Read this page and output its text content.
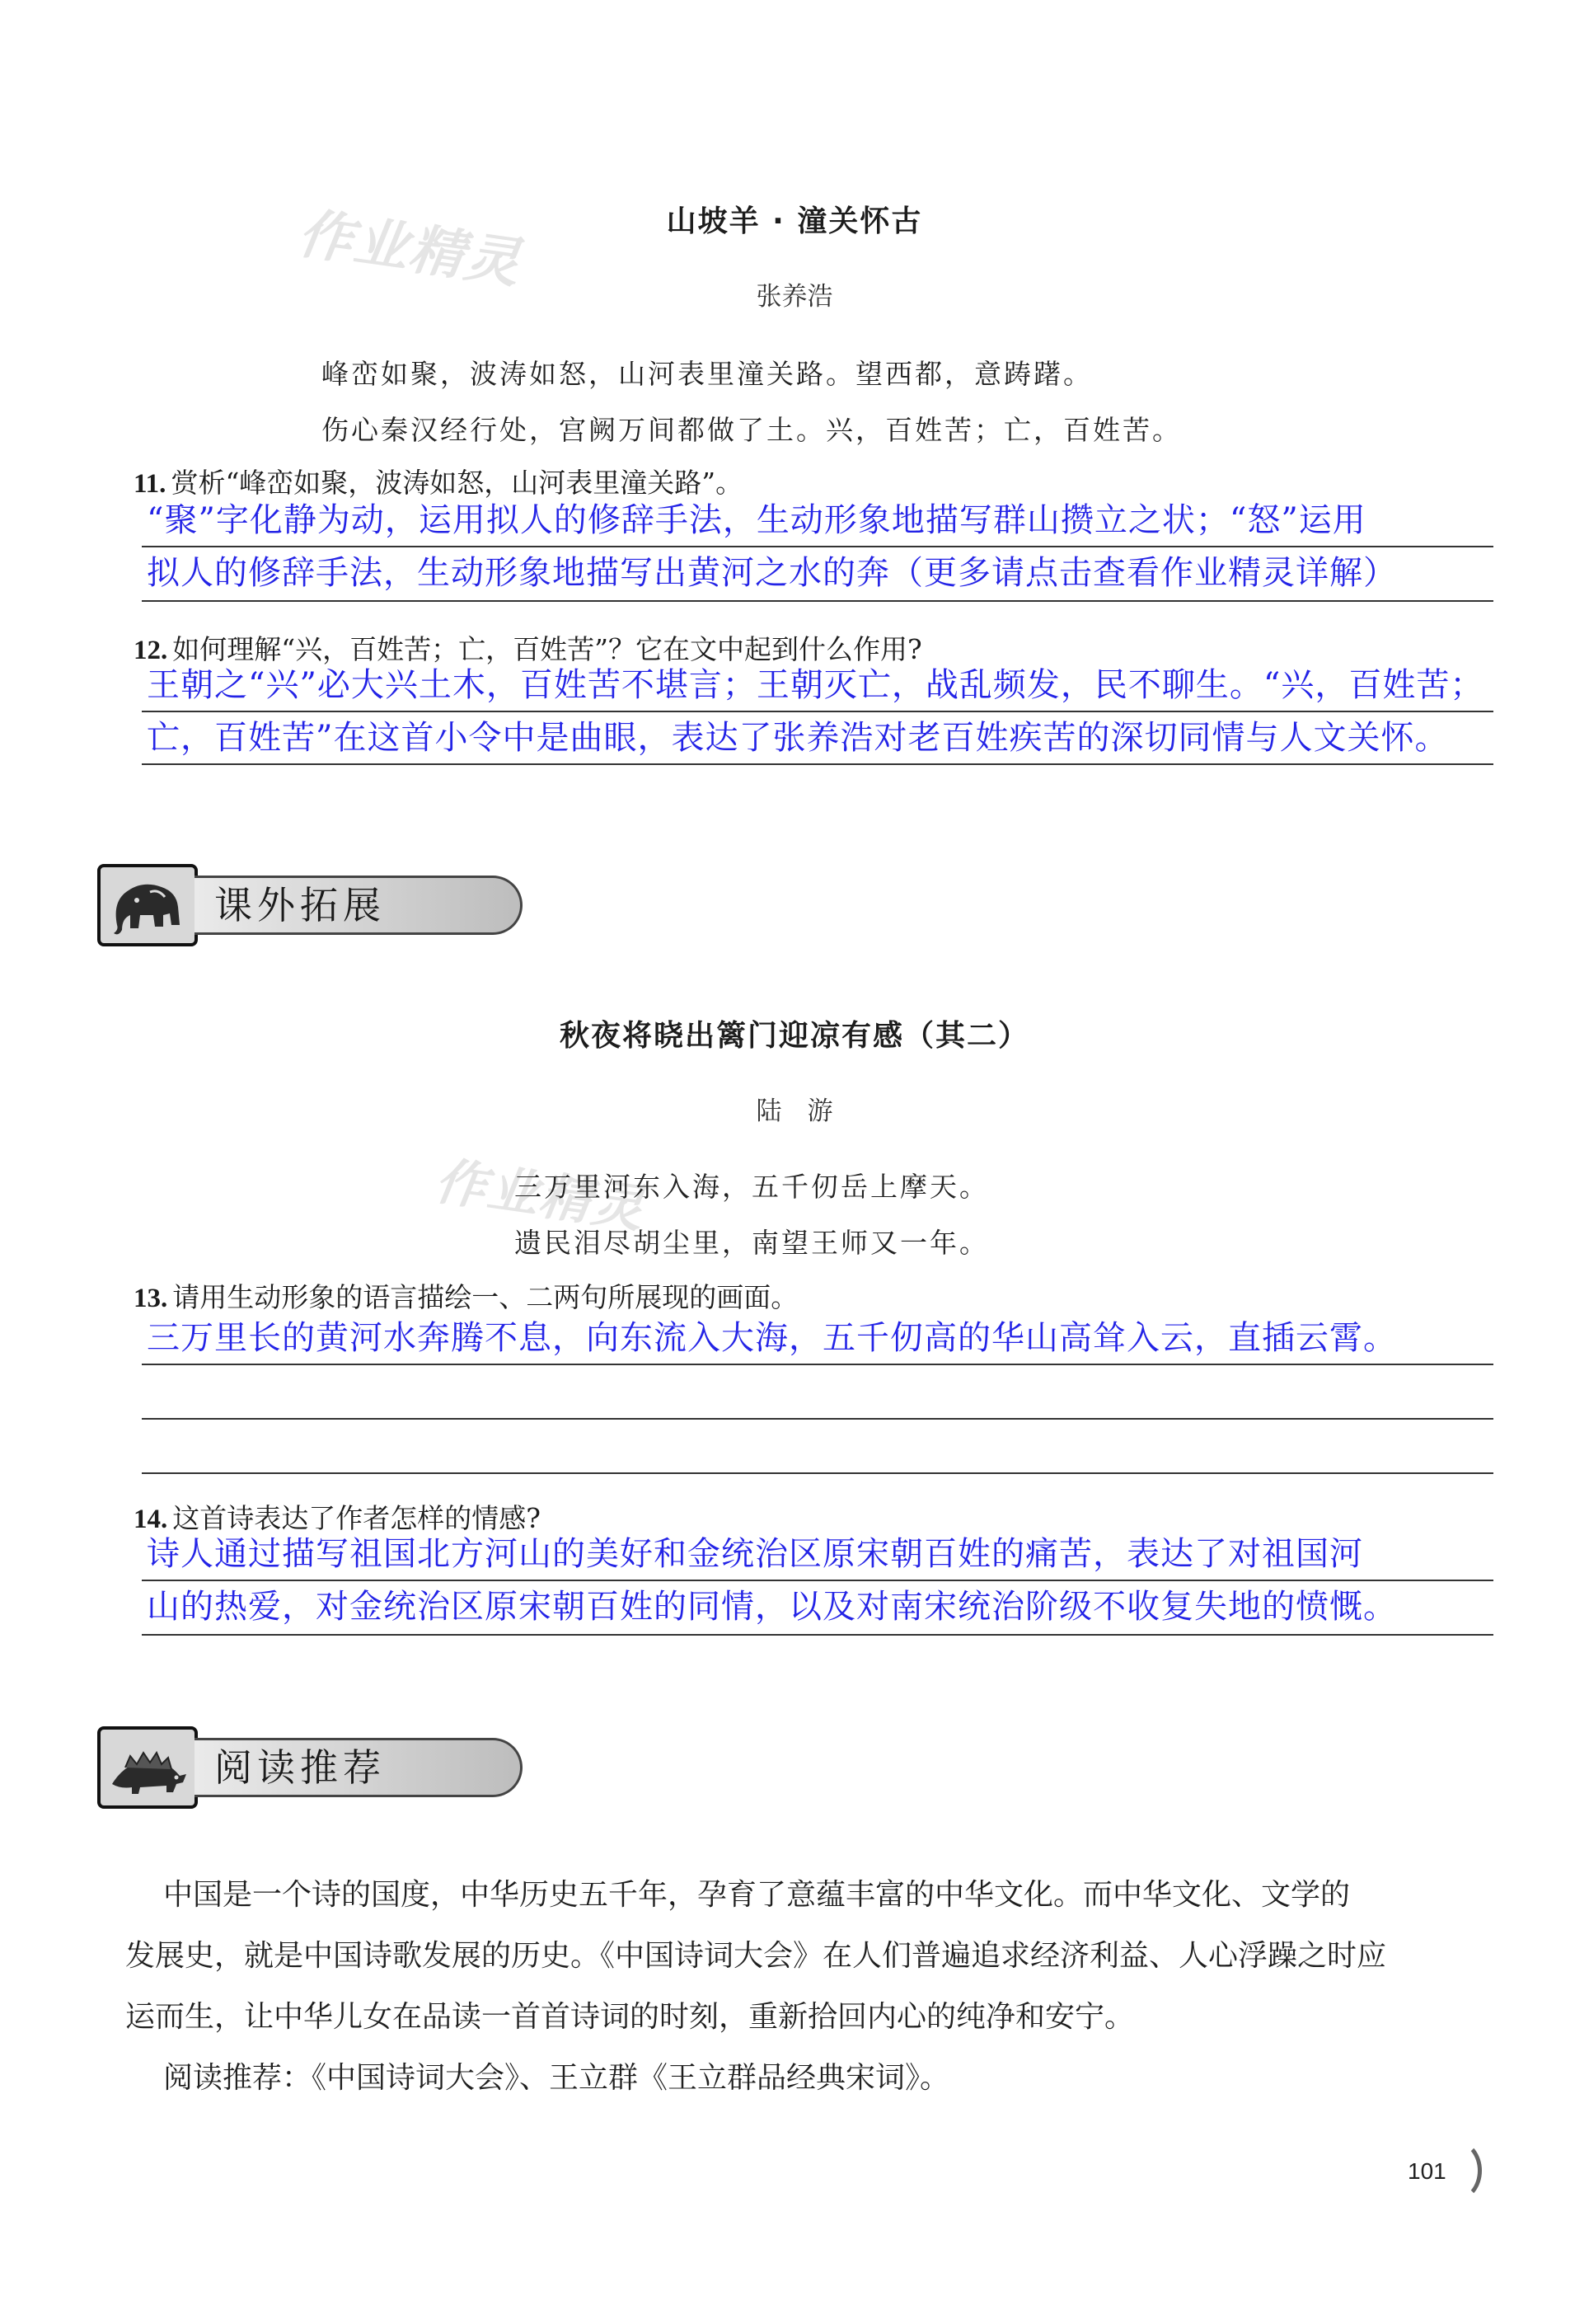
作业精灵
作业精灵
山坡羊 · 潼关怀古
张养浩
峰峦如聚，波涛如怒，山河表里潼关路。望西都，意踌躇。
伤心秦汉经行处，宫阙万间都做了土。兴，百姓苦；亡，百姓苦。
11. 赏析“峰峦如聚，波涛如怒，山河表里潼关路”。
“聚”字化静为动，运用拟人的修辞手法，生动形象地描写群山攒立之状；“怒”运用
拟人的修辞手法，生动形象地描写出黄河之水的奔（更多请点击查看作业精灵详解）
12. 如何理解“兴，百姓苦；亡，百姓苦”？它在文中起到什么作用?
王朝之“兴”必大兴土木，百姓苦不堪言；王朝灭亡，战乱频发，民不聊生。“兴，百姓苦；
亡，百姓苦”在这首小令中是曲眼，表达了张养浩对老百姓疾苦的深切同情与人文关怀。
课外拓展
秋夜将晓出篱门迎凉有感（其二）
陆　游
三万里河东入海，五千仞岳上摩天。
遗民泪尽胡尘里，南望王师又一年。
13. 请用生动形象的语言描绘一、二两句所展现的画面。
三万里长的黄河水奔腾不息，向东流入大海，五千仞高的华山高耸入云，直插云霄。
14. 这首诗表达了作者怎样的情感?
诗人通过描写祖国北方河山的美好和金统治区原宋朝百姓的痛苦，表达了对祖国河
山的热爱，对金统治区原宋朝百姓的同情，以及对南宋统治阶级不收复失地的愤慨。
阅读推荐
中国是一个诗的国度，中华历史五千年，孕育了意蕴丰富的中华文化。而中华文化、文学的
发展史，就是中国诗歌发展的历史。《中国诗词大会》在人们普遍追求经济利益、人心浮躁之时应
运而生，让中华儿女在品读一首首诗词的时刻，重新拾回内心的纯净和安宁。
阅读推荐：《中国诗词大会》、王立群《王立群品经典宋词》。
101
